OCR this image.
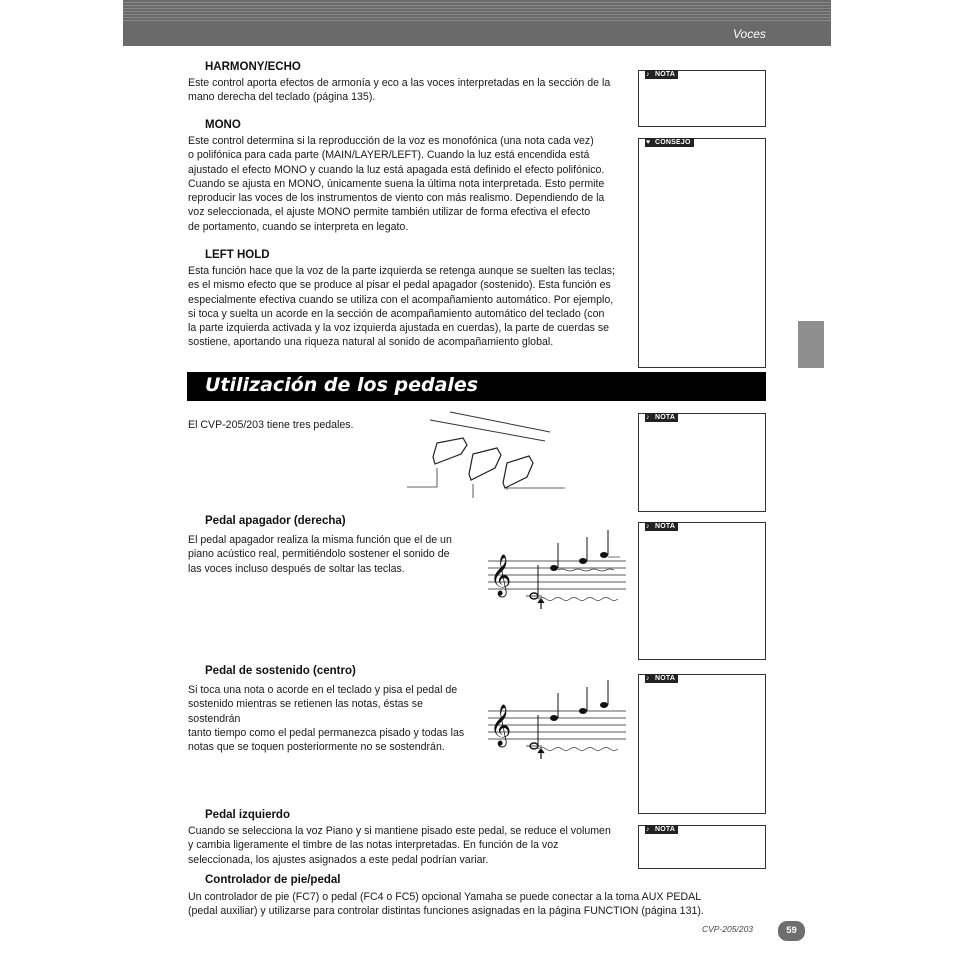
Voces
HARMONY/ECHO

Este control aporta efectos de armonía y eco a las voces interpretadas en la sección de la

mano derecha del teclado (página 135).

MONO

Este control determina si la reproducción de la voz es monofónica (una nota cada vez)

o polifónica para cada parte (MAIN/LAYER/LEFT). Cuando la luz está encendida está

ajustado el efecto MONO y cuando la luz está apagada está definido el efecto polifónico.

Cuando se ajusta en MONO, únicamente suena la última nota interpretada. Esto permite

reproducir las voces de los instrumentos de viento con más realismo. Dependiendo de la

voz seleccionada, el ajuste MONO permite también utilizar de forma efectiva el efecto

de portamento, cuando se interpreta en legato.

LEFT HOLD

Esta función hace que la voz de la parte izquierda se retenga aunque se suelten las teclas;

es el mismo efecto que se produce al pisar el pedal apagador (sostenido). Esta función es

especialmente efectiva cuando se utiliza con el acompañamiento automático. Por ejemplo,

si toca y suelta un acorde en la sección de acompañamiento automático del teclado (con

la parte izquierda activada y la voz izquierda ajustada en cuerdas), la parte de cuerdas se

sostiene, aportando una riqueza natural al sonido de acompañamiento global.

♪ NOTA
♥ CONSEJO
Utilización de los pedales

El CVP-205/203 tiene tres pedales.

♪ NOTA
Pedal apagador (derecha)

El pedal apagador realiza la misma función que el de un

piano acústico real, permitiéndolo sostener el sonido de

las voces incluso después de soltar las teclas.	𝄞
♪ NOTA
Pedal de sostenido (centro)

Si toca una nota o acorde en el teclado y pisa el pedal de

sostenido mientras se retienen las notas, éstas se sostendrán

tanto tiempo como el pedal permanezca pisado y todas las

notas que se toquen posteriormente no se sostendrán.

𝄞
♪ NOTA
Pedal izquierdo

Cuando se selecciona la voz Piano y si mantiene pisado este pedal, se reduce el volumen

y cambia ligeramente el timbre de las notas interpretadas. En función de la voz

seleccionada, los ajustes asignados a este pedal podrían variar.

♪ NOTA
Controlador de pie/pedal

Un controlador de pie (FC7) o pedal (FC4 o FC5) opcional Yamaha se puede conectar a la toma AUX PEDAL

(pedal auxiliar) y utilizarse para controlar distintas funciones asignadas en la página FUNCTION (página 131).

CVP-205/203	59
